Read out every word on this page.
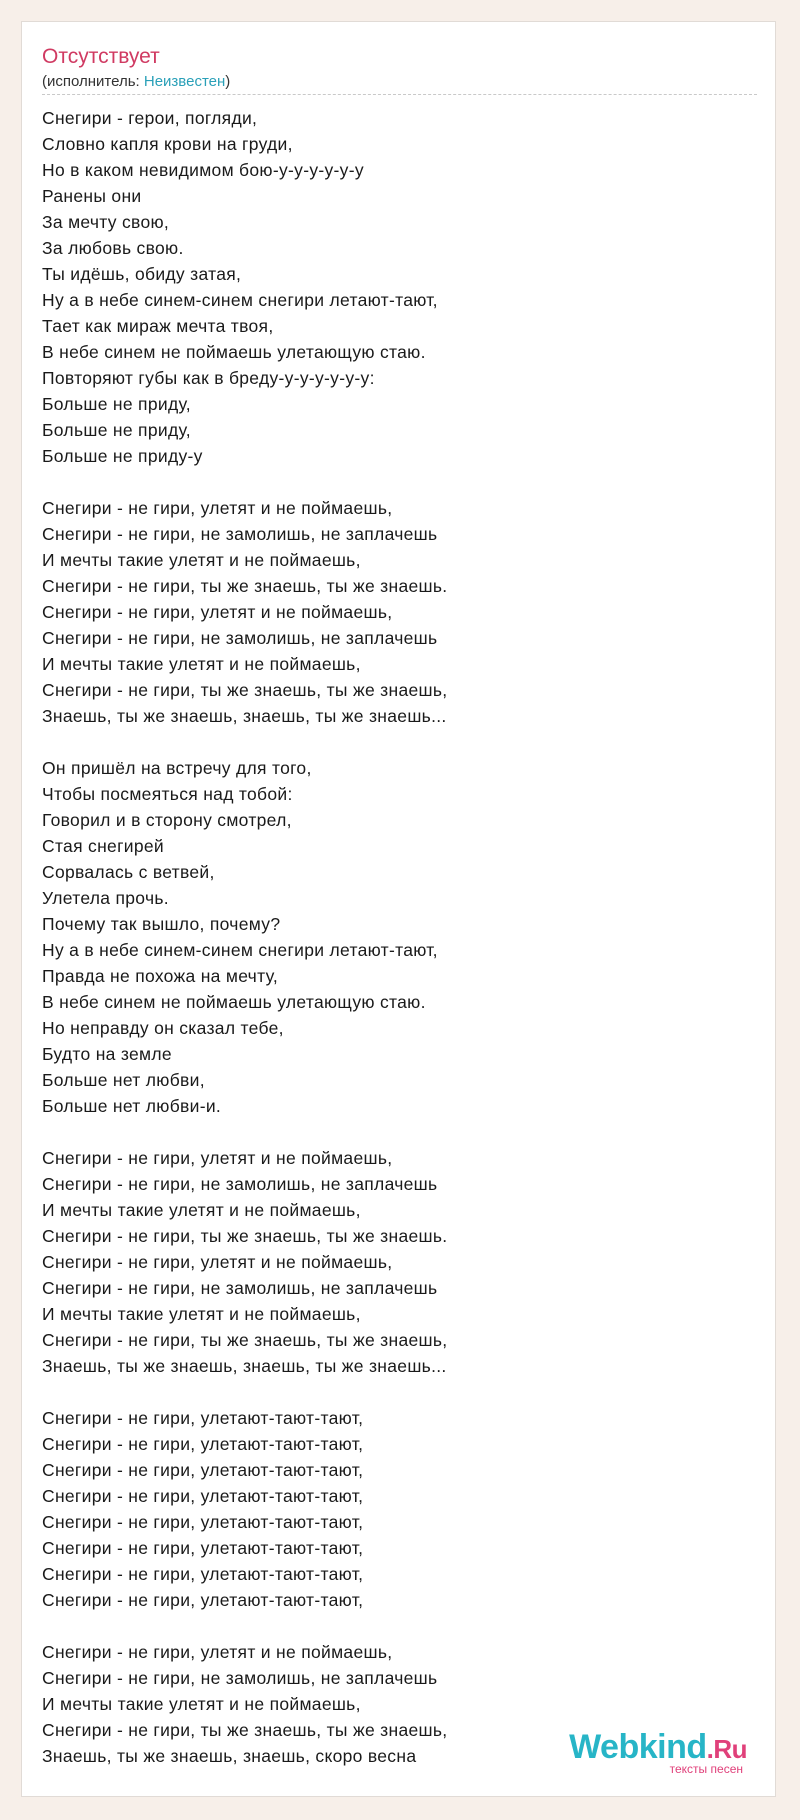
Отсутствует
(исполнитель: Неизвестен)
Снегири - герои, погляди,
Словно капля крови на груди,
Но в каком невидимом бою-у-у-у-у-у-у
Ранены они
За мечту свою,
За любовь свою.
Ты идёшь, обиду затая,
Ну а в небе синем-синем снегири летают-тают,
Тает как мираж мечта твоя,
В небе синем не поймаешь улетающую стаю.
Повторяют губы как в бреду-у-у-у-у-у-у:
Больше не приду,
Больше не приду,
Больше не приду-у
Снегири - не гири, улетят и не поймаешь,
Снегири - не гири, не замолишь, не заплачешь
И мечты такие улетят и не поймаешь,
Снегири - не гири, ты же знаешь, ты же знаешь.
Снегири - не гири, улетят и не поймаешь,
Снегири - не гири, не замолишь, не заплачешь
И мечты такие улетят и не поймаешь,
Снегири - не гири, ты же знаешь, ты же знаешь,
Знаешь, ты же знаешь, знаешь, ты же знаешь...
Он пришёл на встречу для того,
Чтобы посмеяться над тобой:
Говорил и в сторону смотрел,
Стая снегирей
Сорвалась с ветвей,
Улетела прочь.
Почему так вышло, почему?
Ну а в небе синем-синем снегири летают-тают,
Правда не похожа на мечту,
В небе синем не поймаешь улетающую стаю.
Но неправду он сказал тебе,
Будто на земле
Больше нет любви,
Больше нет любви-и.
Снегири - не гири, улетят и не поймаешь,
Снегири - не гири, не замолишь, не заплачешь
И мечты такие улетят и не поймаешь,
Снегири - не гири, ты же знаешь, ты же знаешь.
Снегири - не гири, улетят и не поймаешь,
Снегири - не гири, не замолишь, не заплачешь
И мечты такие улетят и не поймаешь,
Снегири - не гири, ты же знаешь, ты же знаешь,
Знаешь, ты же знаешь, знаешь, ты же знаешь...
Снегири - не гири, улетают-тают-тают,
Снегири - не гири, улетают-тают-тают,
Снегири - не гири, улетают-тают-тают,
Снегири - не гири, улетают-тают-тают,
Снегири - не гири, улетают-тают-тают,
Снегири - не гири, улетают-тают-тают,
Снегири - не гири, улетают-тают-тают,
Снегири - не гири, улетают-тают-тают,
Снегири - не гири, улетят и не поймаешь,
Снегири - не гири, не замолишь, не заплачешь
И мечты такие улетят и не поймаешь,
Снегири - не гири, ты же знаешь, ты же знаешь,
Знаешь, ты же знаешь, знаешь, скоро весна	Webkind.Ru
тексты песен
